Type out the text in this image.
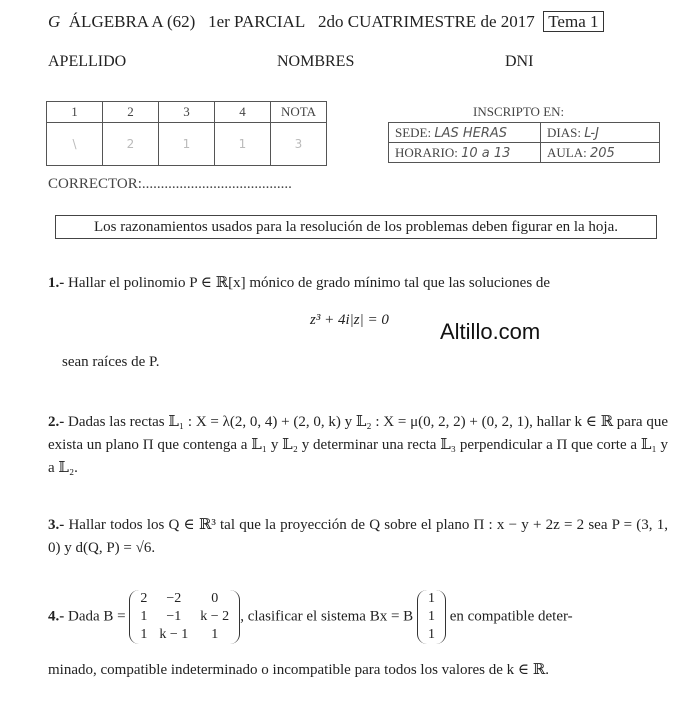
G ÁLGEBRA A (62) 1er PARCIAL 2do CUATRIMESTRE de 2017 Tema 1
APELLIDO	NOMBRES	DNI
1	2	3	4	NOTA
\	2	1	1	3
INSCRIPTO EN:
SEDE: LAS HERAS	DIAS: L-J
HORARIO: 10 a 13	AULA: 205
CORRECTOR:........................................
Los razonamientos usados para la resolución de los problemas deben figurar en la hoja.
1.- Hallar el polinomio P ∈ ℝ[x] mónico de grado mínimo tal que las soluciones de
z³ + 4i|z| = 0 Altillo.com
sean raíces de P.
2.- Dadas las rectas 𝕃₁ : X = λ(2, 0, 4) + (2, 0, k) y 𝕃₂ : X = μ(0, 2, 2) + (0, 2, 1), hallar k ∈ ℝ para que exista un plano Π que contenga a 𝕃₁ y 𝕃₂ y determinar una recta 𝕃₃ perpendicular a Π que corte a 𝕃₁ y a 𝕃₂.
3.- Hallar todos los Q ∈ ℝ³ tal que la proyección de Q sobre el plano Π : x − y + 2z = 2 sea P = (3, 1, 0) y d(Q, P) = √6.
4.- Dada B = 2	−2	0
1	−1	k − 2
1	k − 1	1, clasificar el sistema Bx = B 1
1
1 en compatible deter-
minado, compatible indeterminado o incompatible para todos los valores de k ∈ ℝ.
